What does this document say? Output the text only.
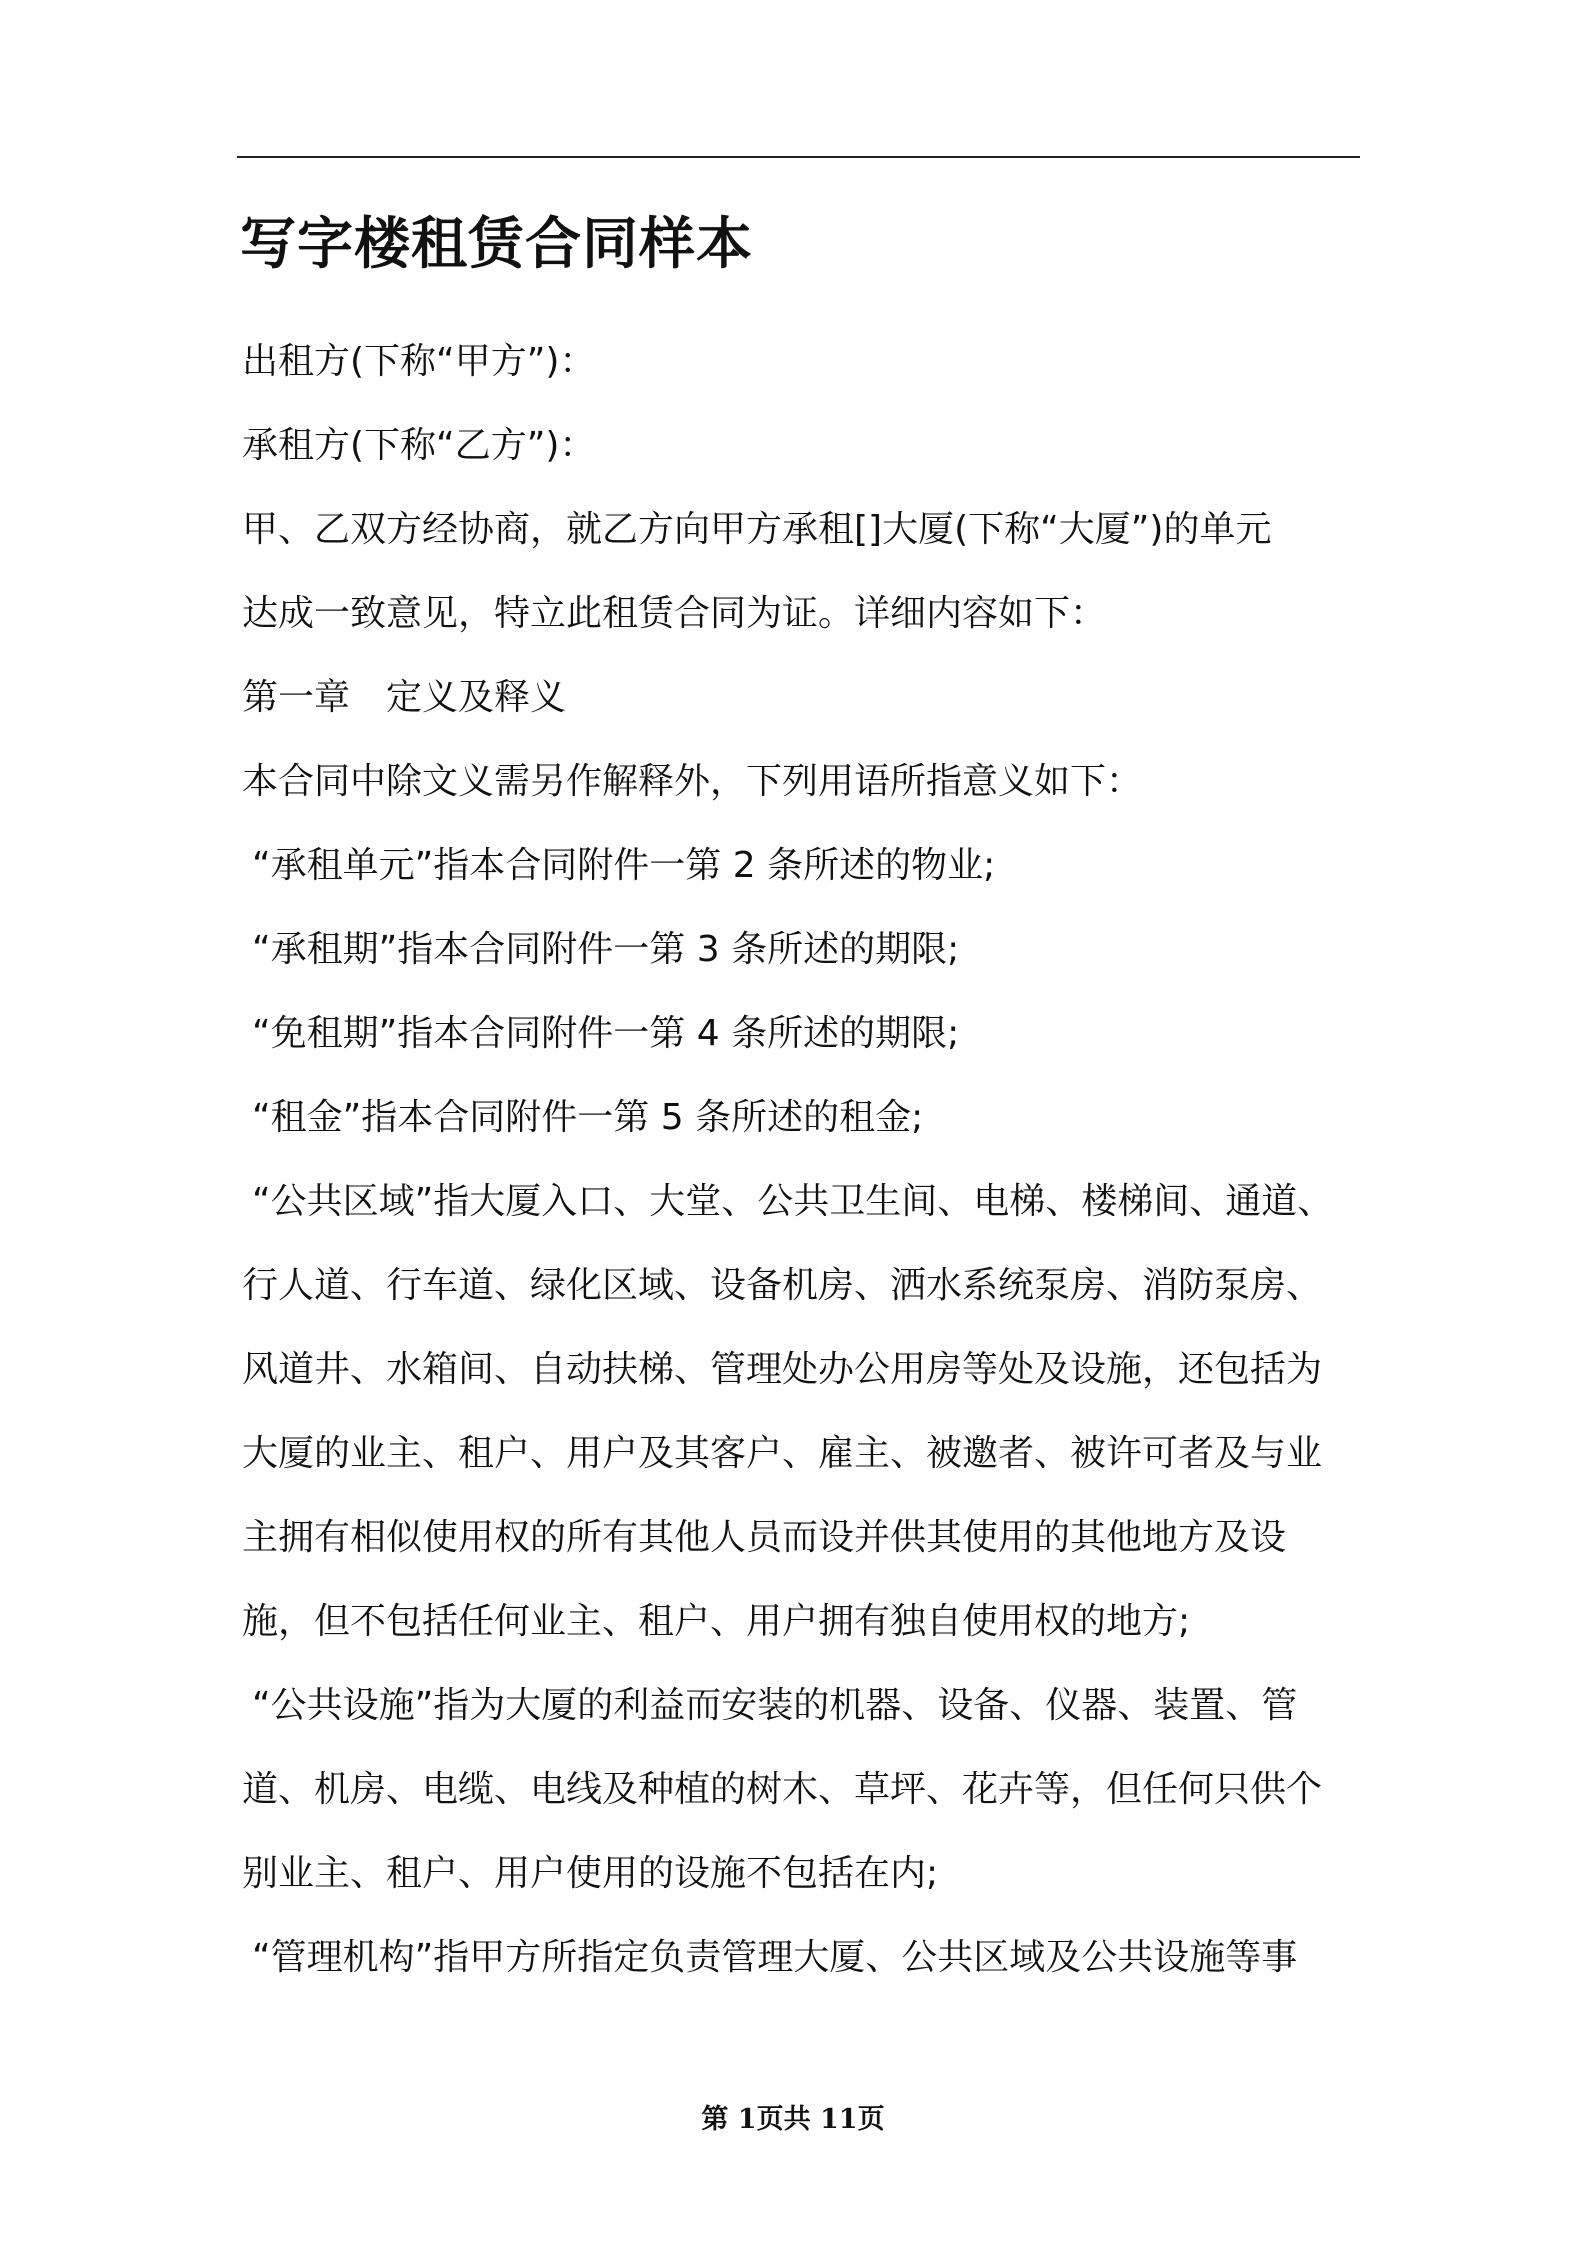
写字楼租赁合同样本
出租方(下称“甲方”)：
承租方(下称“乙方”)：
甲、乙双方经协商，就乙方向甲方承租[]大厦(下称“大厦”)的单元
达成一致意见，特立此租赁合同为证。详细内容如下：
第一章 定义及释义
本合同中除文义需另作解释外，下列用语所指意义如下：
“承租单元”指本合同附件一第 2 条所述的物业;
“承租期”指本合同附件一第 3 条所述的期限;
“免租期”指本合同附件一第 4 条所述的期限;
“租金”指本合同附件一第 5 条所述的租金;
“公共区域”指大厦入口、大堂、公共卫生间、电梯、楼梯间、通道、
行人道、行车道、绿化区域、设备机房、洒水系统泵房、消防泵房、
风道井、水箱间、自动扶梯、管理处办公用房等处及设施，还包括为
大厦的业主、租户、用户及其客户、雇主、被邀者、被许可者及与业
主拥有相似使用权的所有其他人员而设并供其使用的其他地方及设
施，但不包括任何业主、租户、用户拥有独自使用权的地方;
“公共设施”指为大厦的利益而安装的机器、设备、仪器、装置、管
道、机房、电缆、电线及种植的树木、草坪、花卉等，但任何只供个
别业主、租户、用户使用的设施不包括在内;
“管理机构”指甲方所指定负责管理大厦、公共区域及公共设施等事
第 1页共 11页
